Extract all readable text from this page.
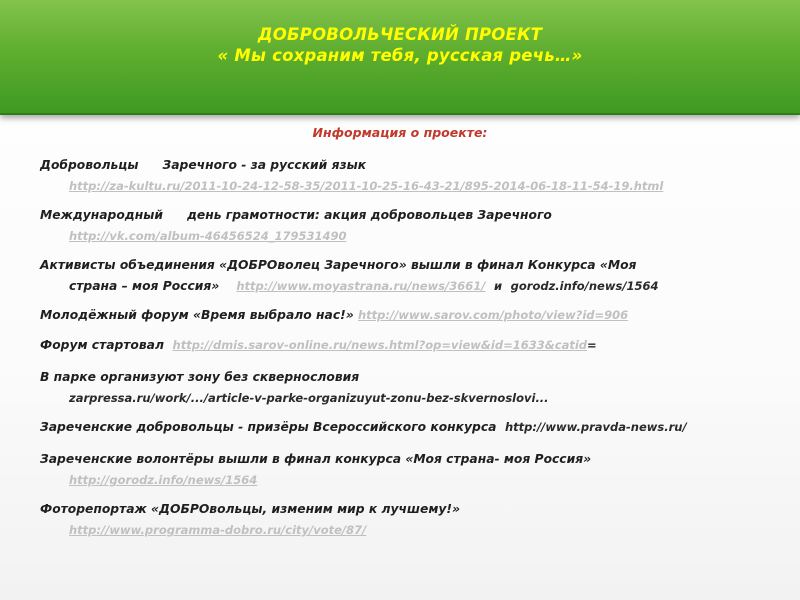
ДОБРОВОЛЬЧЕСКИЙ ПРОЕКТ
« Мы сохраним тебя, русская речь…»
Информация о проекте:
Добровольцы Заречного - за русский язык
http://za-kultu.ru/2011-10-24-12-58-35/2011-10-25-16-43-21/895-2014-06-18-11-54-19.html
Международный день грамотности: акция добровольцев Заречного
http://vk.com/album-46456524_179531490
Активисты объединения «ДОБРОволец Заречного» вышли в финал Конкурса «Моя
страна – моя Россия» http://www.moyastrana.ru/news/3661/ и gorodz.info/news/1564
Молодёжный форум «Время выбрало нас!» http://www.sarov.com/photo/view?id=906
Форум стартовал http://dmis.sarov-online.ru/news.html?op=view&id=1633&catid=
В парке организуют зону без сквернословия
zarpressa.ru/work/.../article-v-parke-organizuyut-zonu-bez-skvernoslovi...
Зареченские добровольцы - призёры Всероссийского конкурса http://www.pravda-news.ru/
Зареченские волонтёры вышли в финал конкурса «Моя страна- моя Россия»
http://gorodz.info/news/1564
Фоторепортаж «ДОБРОвольцы, изменим мир к лучшему!»
http://www.programma-dobro.ru/city/vote/87/
